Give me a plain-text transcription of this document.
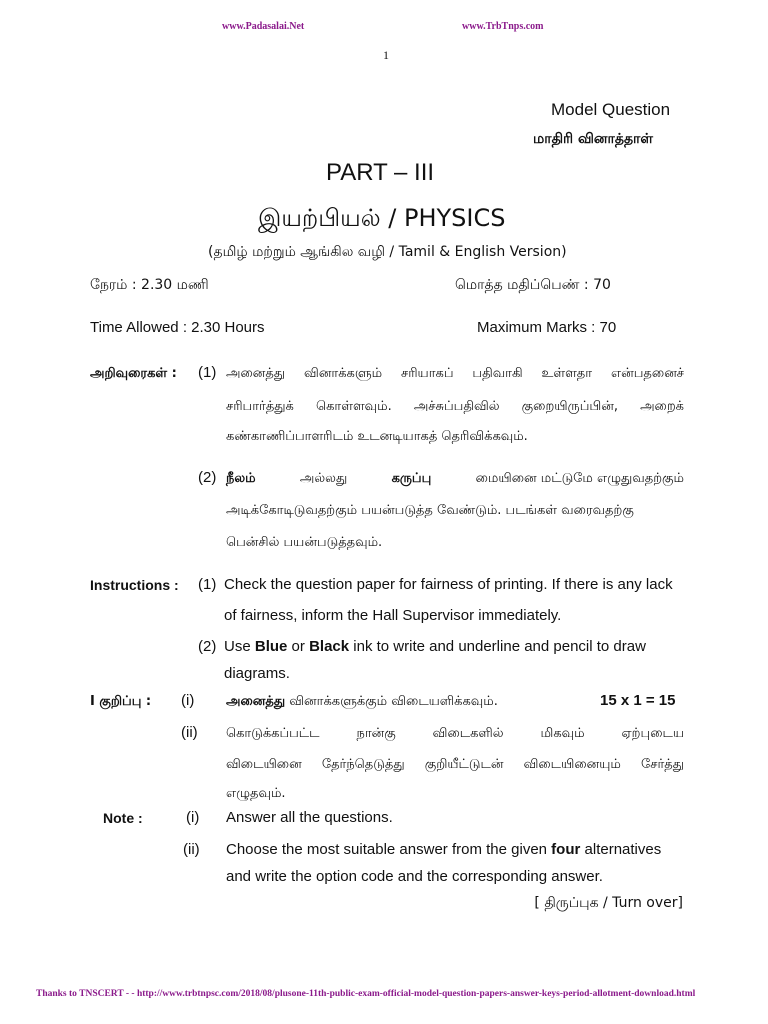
www.Padasalai.Net	www.TrbTnps.com
1
Model Question
மாதிரி வினாத்தாள்
PART – III
இயற்பியல் / PHYSICS
(தமிழ் மற்றும் ஆங்கில வழி / Tamil & English Version)
நேரம் : 2.30 மணி	மொத்த மதிப்பெண் : 70
Time Allowed : 2.30 Hours	Maximum Marks : 70
அறிவுரைகள் : (1) அனைத்து வினாக்களும் சரியாகப் பதிவாகி உள்ளதா என்பதனைச்
சரிபார்த்துக் கொள்ளவும். அச்சுப்பதிவில் குறையிருப்பின், அறைக்
கண்காணிப்பாளரிடம் உடனடியாகத் தெரிவிக்கவும்.
(2) நீலம்	அல்லது	கருப்பு	மையினை மட்டுமே எழுதுவதற்கும்
அடிக்கோடிடுவதற்கும் பயன்படுத்த வேண்டும். படங்கள் வரைவதற்கு
பென்சில் பயன்படுத்தவும்.
Instructions : (1) Check the question paper for fairness of printing. If there is any lack
of fairness, inform the Hall Supervisor immediately.
(2) Use Blue or Black ink to write and underline and pencil to draw
diagrams.
I குறிப்பு : (i) அனைத்து வினாக்களுக்கும் விடையளிக்கவும்.	15 x 1 = 15
(ii) கொடுக்கப்பட்ட நான்கு விடைகளில் மிகவும் ஏற்புடைய
விடையினை தேர்ந்தெடுத்து குறியீட்டுடன் விடையினையும் சேர்த்து
எழுதவும்.
Note :	(i) Answer all the questions.
(ii) Choose the most suitable answer from the given four alternatives
and write the option code and the corresponding answer.
[ திருப்புக / Turn over]
Thanks to TNSCERT - - http://www.trbtnpsc.com/2018/08/plusone-11th-public-exam-official-model-question-papers-answer-keys-period-allotment-download.html
